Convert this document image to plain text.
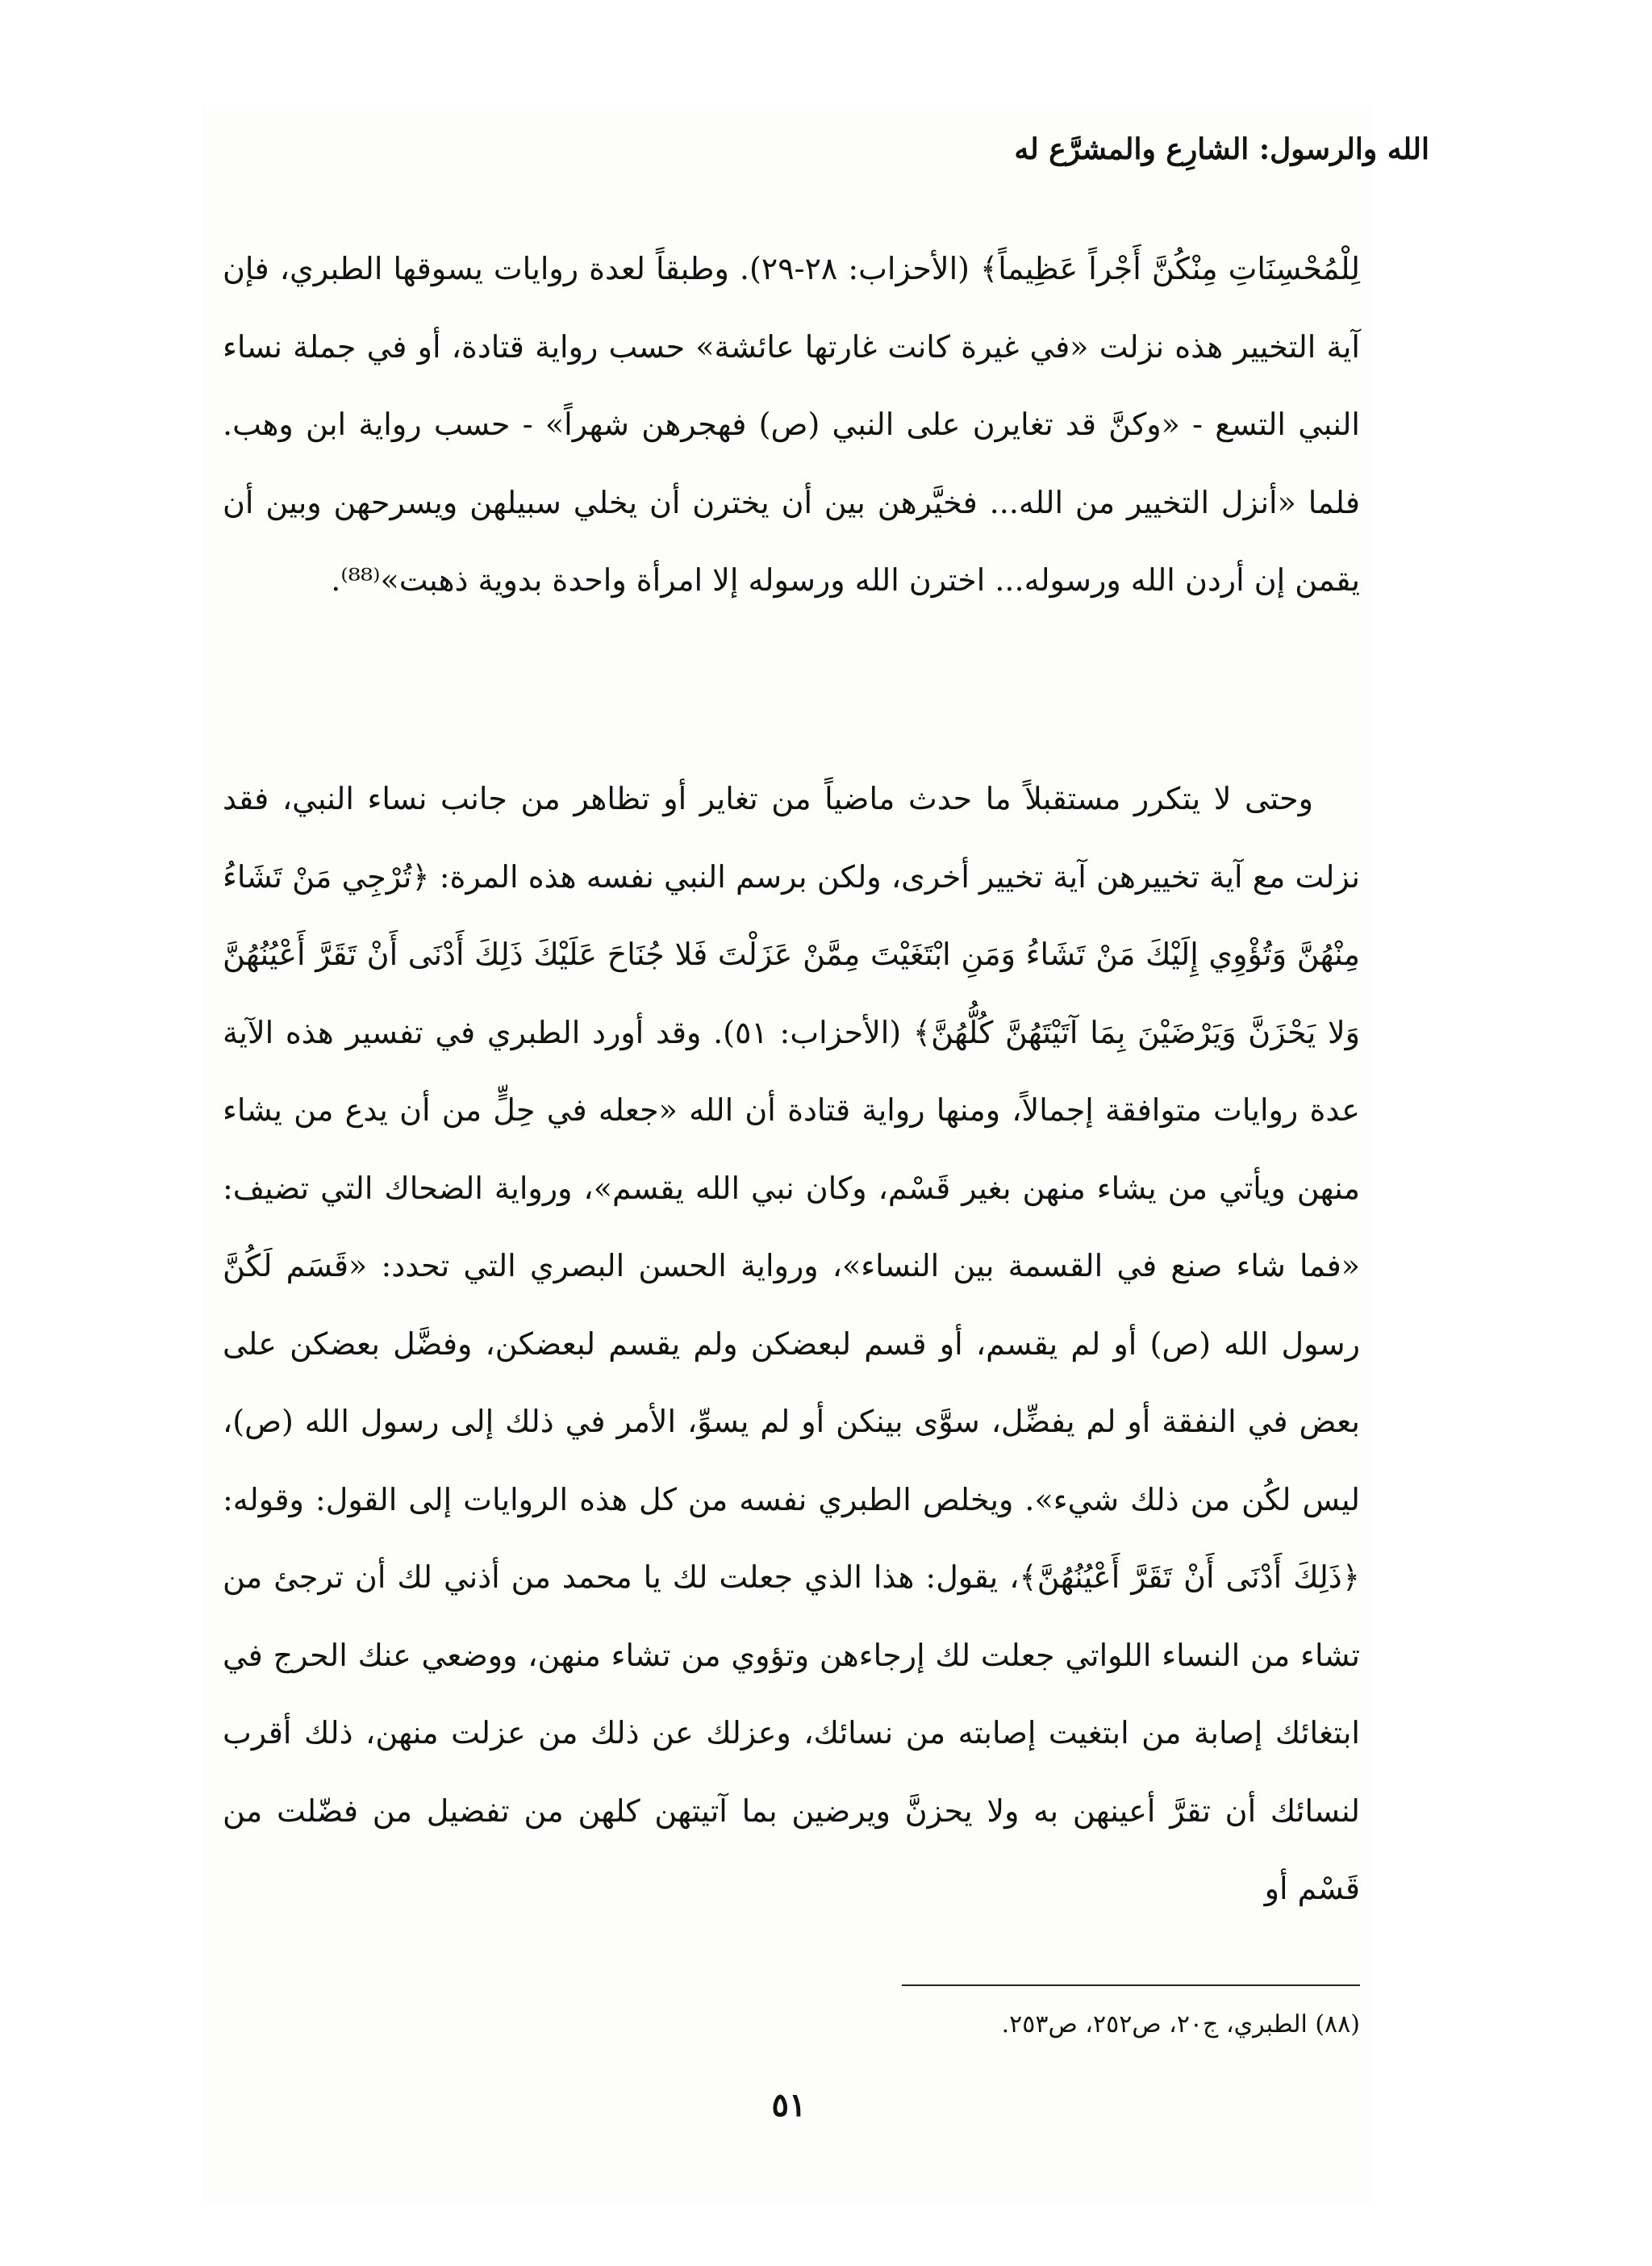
الله والرسول: الشارِع والمشرَّع له

لِلْمُحْسِنَاتِ مِنْكُنَّ أَجْراً عَظِيماً﴾ (الأحزاب: ٢٨-٢٩). وطبقاً لعدة روايات يسوقها الطبري، فإن آية التخيير هذه نزلت «في غيرة كانت غارتها عائشة» حسب رواية قتادة، أو في جملة نساء النبي التسع - «وكنَّ قد تغايرن على النبي (ص) فهجرهن شهراً» - حسب رواية ابن وهب. فلما «أنزل التخيير من الله... فخيَّرهن بين أن يخترن أن يخلي سبيلهن ويسرحهن وبين أن يقمن إن أردن الله ورسوله... اخترن الله ورسوله إلا امرأة واحدة بدوية ذهبت»⁽⁸⁸⁾.

وحتى لا يتكرر مستقبلاً ما حدث ماضياً من تغاير أو تظاهر من جانب نساء النبي، فقد نزلت مع آية تخييرهن آية تخيير أخرى، ولكن برسم النبي نفسه هذه المرة: ﴿تُرْجِي مَنْ تَشَاءُ مِنْهُنَّ وَتُؤْوِي إِلَيْكَ مَنْ تَشَاءُ وَمَنِ ابْتَغَيْتَ مِمَّنْ عَزَلْتَ فَلا جُنَاحَ عَلَيْكَ ذَلِكَ أَدْنَى أَنْ تَقَرَّ أَعْيُنُهُنَّ وَلا يَحْزَنَّ وَيَرْضَيْنَ بِمَا آتَيْتَهُنَّ كُلُّهُنَّ﴾ (الأحزاب: ٥١). وقد أورد الطبري في تفسير هذه الآية عدة روايات متوافقة إجمالاً، ومنها رواية قتادة أن الله «جعله في حِلٍّ من أن يدع من يشاء منهن ويأتي من يشاء منهن بغير قَسْم، وكان نبي الله يقسم»، ورواية الضحاك التي تضيف: «فما شاء صنع في القسمة بين النساء»، ورواية الحسن البصري التي تحدد: «قَسَم لَكُنَّ رسول الله (ص) أو لم يقسم، أو قسم لبعضكن ولم يقسم لبعضكن، وفضَّل بعضكن على بعض في النفقة أو لم يفضِّل، سوَّى بينكن أو لم يسوِّ، الأمر في ذلك إلى رسول الله (ص)، ليس لكُن من ذلك شيء». ويخلص الطبري نفسه من كل هذه الروايات إلى القول: وقوله: ﴿ذَلِكَ أَدْنَى أَنْ تَقَرَّ أَعْيُنُهُنَّ﴾، يقول: هذا الذي جعلت لك يا محمد من أذني لك أن ترجئ من تشاء من النساء اللواتي جعلت لك إرجاءهن وتؤوي من تشاء منهن، ووضعي عنك الحرج في ابتغائك إصابة من ابتغيت إصابته من نسائك، وعزلك عن ذلك من عزلت منهن، ذلك أقرب لنسائك أن تقرَّ أعينهن به ولا يحزنَّ ويرضين بما آتيتهن كلهن من تفضيل من فضّلت من قَسْم أو

(٨٨) الطبري، ج٢٠، ص٢٥٢، ص٢٥٣.
٥١
